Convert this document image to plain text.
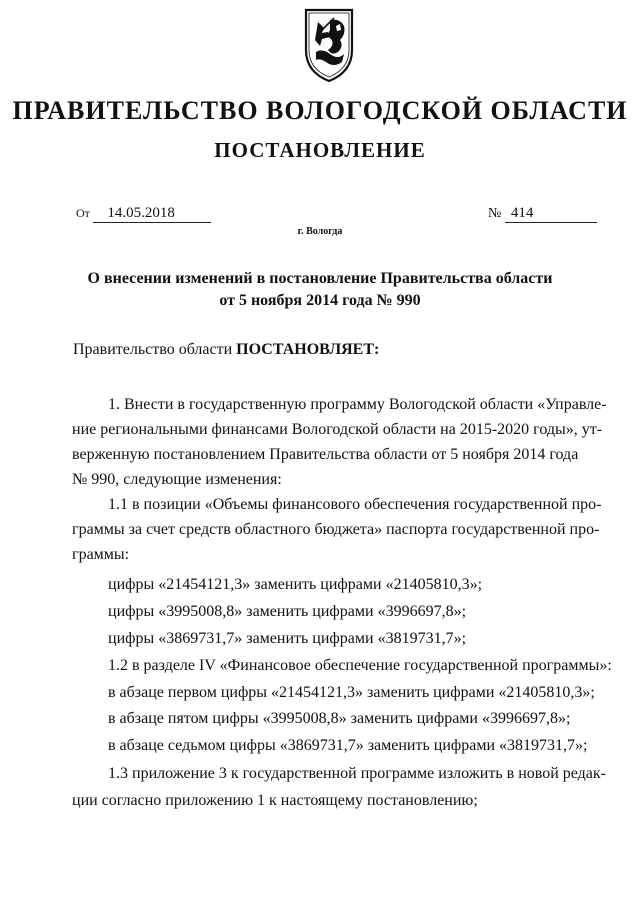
ПРАВИТЕЛЬСТВО ВОЛОГОДСКОЙ ОБЛАСТИ
ПОСТАНОВЛЕНИЕ
От 14.05.2018	№ 414
г. Вологда
О внесении изменений в постановление Правительства области
от 5 ноября 2014 года № 990
Правительство области ПОСТАНОВЛЯЕТ:
1. Внести в государственную программу Вологодской области «Управле-
ние региональными финансами Вологодской области на 2015-2020 годы», ут-
верженную постановлением Правительства области от 5 ноября 2014 года
№ 990, следующие изменения:
1.1 в позиции «Объемы финансового обеспечения государственной про-
граммы за счет средств областного бюджета» паспорта государственной про-
граммы:
цифры «21454121,3» заменить цифрами «21405810,3»;
цифры «3995008,8» заменить цифрами «3996697,8»;
цифры «3869731,7» заменить цифрами «3819731,7»;
1.2 в разделе IV «Финансовое обеспечение государственной программы»:
в абзаце первом цифры «21454121,3» заменить цифрами «21405810,3»;
в абзаце пятом цифры «3995008,8» заменить цифрами «3996697,8»;
в абзаце седьмом цифры «3869731,7» заменить цифрами «3819731,7»;
1.3 приложение 3 к государственной программе изложить в новой редак-
ции согласно приложению 1 к настоящему постановлению;
